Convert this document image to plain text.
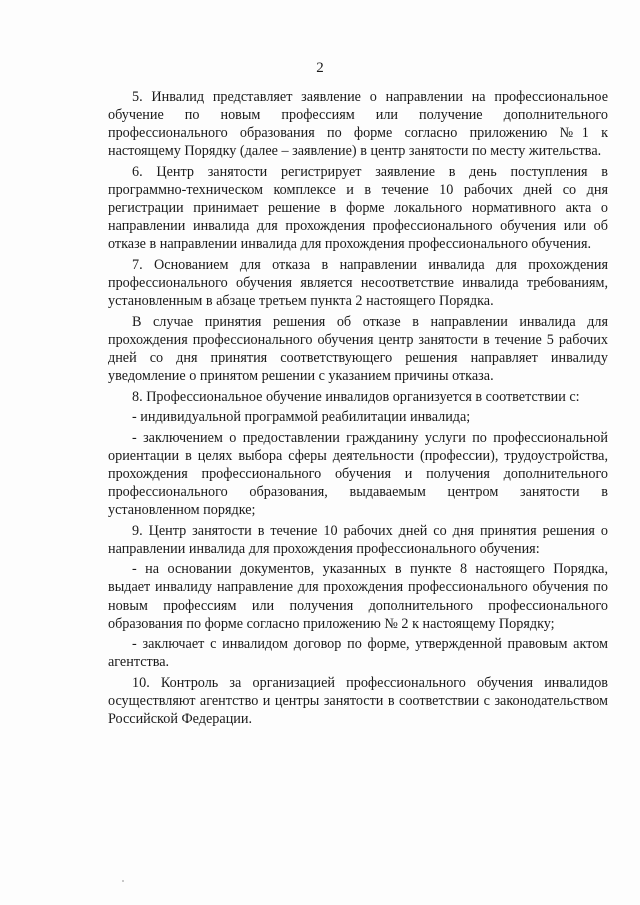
2

5. Инвалид представляет заявление о направлении на профессиональное обучение по новым профессиям или получение дополнительного профессионального образования по форме согласно приложению №1 к настоящему Порядку (далее – заявление) в центр занятости по месту жительства.

6. Центр занятости регистрирует заявление в день поступления в программно-техническом комплексе и в течение 10 рабочих дней со дня регистрации принимает решение в форме локального нормативного акта о направлении инвалида для прохождения профессионального обучения или об отказе в направлении инвалида для прохождения профессионального обучения.

7. Основанием для отказа в направлении инвалида для прохождения профессионального обучения является несоответствие инвалида требованиям, установленным в абзаце третьем пункта 2 настоящего Порядка.

В случае принятия решения об отказе в направлении инвалида для прохождения профессионального обучения центр занятости в течение 5 рабочих дней со дня принятия соответствующего решения направляет инвалиду уведомление о принятом решении с указанием причины отказа.

8. Профессиональное обучение инвалидов организуется в соответствии с:

- индивидуальной программой реабилитации инвалида;

- заключением о предоставлении гражданину услуги по профессиональной ориентации в целях выбора сферы деятельности (профессии), трудоустройства, прохождения профессионального обучения и получения дополнительного профессионального образования, выдаваемым центром занятости в установленном порядке;

9. Центр занятости в течение 10 рабочих дней со дня принятия решения о направлении инвалида для прохождения профессионального обучения:

- на основании документов, указанных в пункте 8 настоящего Порядка, выдает инвалиду направление для прохождения профессионального обучения по новым профессиям или получения дополнительного профессионального образования по форме согласно приложению № 2 к настоящему Порядку;

- заключает с инвалидом договор по форме, утвержденной правовым актом агентства.

10. Контроль за организацией профессионального обучения инвалидов осуществляют агентство и центры занятости в соответствии с законодательством Российской Федерации.
